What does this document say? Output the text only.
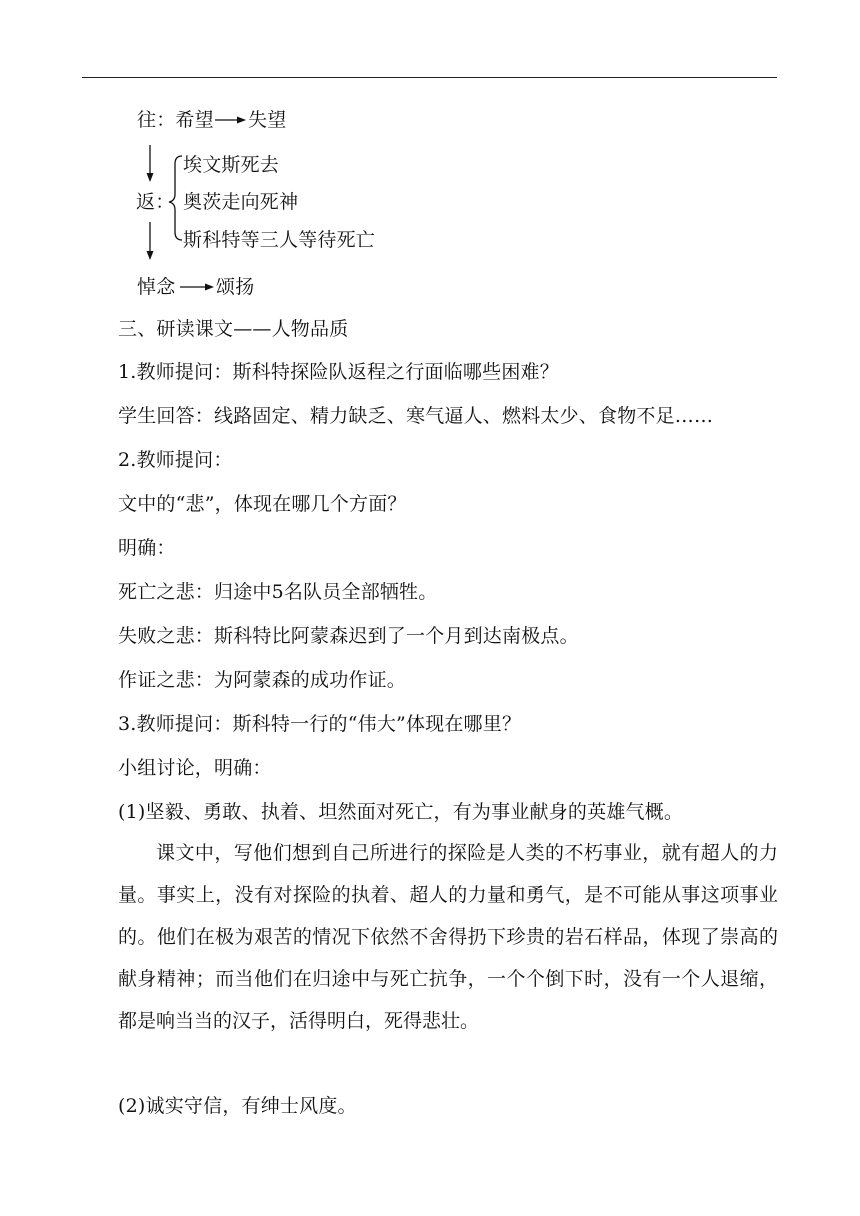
往：希望 失望
埃文斯死去
返： 奥茨走向死神
斯科特等三人等待死亡
悼念 颂扬
三、研读课文——人物品质
1.教师提问：斯科特探险队返程之行面临哪些困难？
学生回答：线路固定、精力缺乏、寒气逼人、燃料太少、食物不足……
2.教师提问：
文中的“悲”，体现在哪几个方面？
明确：
死亡之悲：归途中5名队员全部牺牲。
失败之悲：斯科特比阿蒙森迟到了一个月到达南极点。
作证之悲：为阿蒙森的成功作证。
3.教师提问：斯科特一行的“伟大”体现在哪里？
小组讨论，明确：
(1)坚毅、勇敢、执着、坦然面对死亡，有为事业献身的英雄气概。
课文中，写他们想到自己所进行的探险是人类的不朽事业，就有超人的力量。事实上，没有对探险的执着、超人的力量和勇气，是不可能从事这项事业的。他们在极为艰苦的情况下依然不舍得扔下珍贵的岩石样品，体现了崇高的献身精神；而当他们在归途中与死亡抗争，一个个倒下时，没有一个人退缩，都是响当当的汉子，活得明白，死得悲壮。
(2)诚实守信，有绅士风度。
